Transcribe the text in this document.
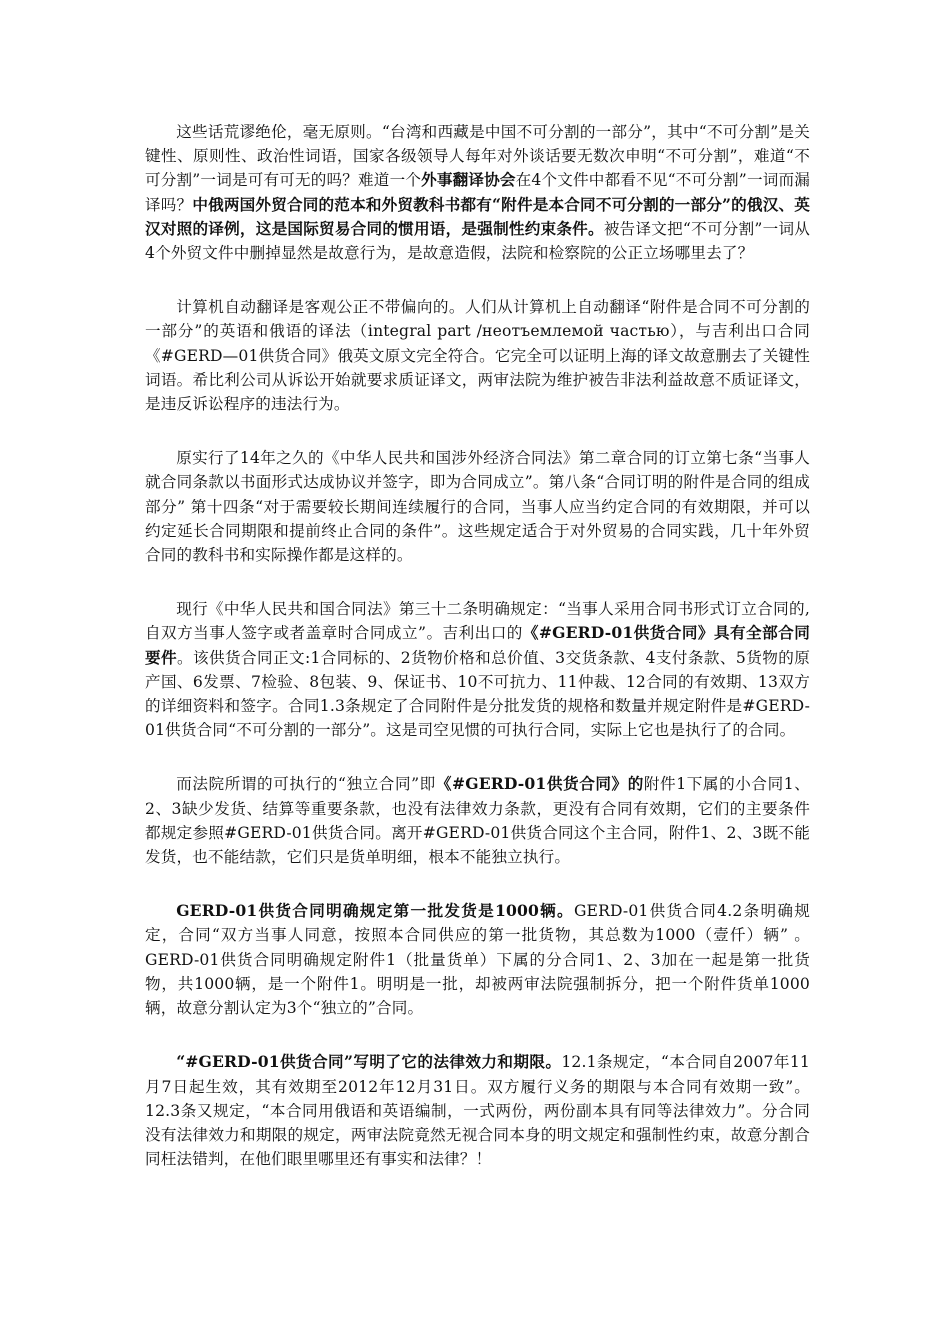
这些话荒谬绝伦，毫无原则。“台湾和西藏是中国不可分割的一部分”，其中“不可分割”是关键性、原则性、政治性词语，国家各级领导人每年对外谈话要无数次申明“不可分割”，难道“不可分割”一词是可有可无的吗？难道一个外事翻译协会在4个文件中都看不见“不可分割”一词而漏译吗？中俄两国外贸合同的范本和外贸教科书都有“附件是本合同不可分割的一部分”的俄汉、英汉对照的译例，这是国际贸易合同的惯用语，是强制性约束条件。被告译文把“不可分割”一词从4个外贸文件中删掉显然是故意行为，是故意造假，法院和检察院的公正立场哪里去了？

计算机自动翻译是客观公正不带偏向的。人们从计算机上自动翻译“附件是合同不可分割的一部分”的英语和俄语的译法（integral part /неотъемлемой частью），与吉利出口合同《#GERD—01供货合同》俄英文原文完全符合。它完全可以证明上海的译文故意删去了关键性词语。希比利公司从诉讼开始就要求质证译文，两审法院为维护被告非法利益故意不质证译文，是违反诉讼程序的违法行为。

原实行了14年之久的《中华人民共和国涉外经济合同法》第二章合同的订立第七条“当事人就合同条款以书面形式达成协议并签字，即为合同成立”。第八条“合同订明的附件是合同的组成部分” 第十四条“对于需要较长期间连续履行的合同，当事人应当约定合同的有效期限，并可以约定延长合同期限和提前终止合同的条件”。这些规定适合于对外贸易的合同实践，几十年外贸合同的教科书和实际操作都是这样的。

现行《中华人民共和国合同法》第三十二条明确规定：“当事人采用合同书形式订立合同的,自双方当事人签字或者盖章时合同成立”。吉利出口的《#GERD-01供货合同》具有全部合同要件。该供货合同正文:1合同标的、2货物价格和总价值、3交货条款、4支付条款、5货物的原产国、6发票、7检验、8包装、9、保证书、10不可抗力、11仲裁、12合同的有效期、13双方的详细资料和签字。合同1.3条规定了合同附件是分批发货的规格和数量并规定附件是#GERD-01供货合同“不可分割的一部分”。这是司空见惯的可执行合同，实际上它也是执行了的合同。

而法院所谓的可执行的“独立合同”即《#GERD-01供货合同》的附件1下属的小合同1、2、3缺少发货、结算等重要条款，也没有法律效力条款，更没有合同有效期，它们的主要条件都规定参照#GERD-01供货合同。离开#GERD-01供货合同这个主合同，附件1、2、3既不能发货，也不能结款，它们只是货单明细，根本不能独立执行。

GERD-01供货合同明确规定第一批发货是1000辆。GERD-01供货合同4.2条明确规定，合同“双方当事人同意，按照本合同供应的第一批货物，其总数为1000（壹仟）辆” 。GERD-01供货合同明确规定附件1（批量货单）下属的分合同1、2、3加在一起是第一批货物，共1000辆，是一个附件1。明明是一批，却被两审法院强制拆分，把一个附件货单1000辆，故意分割认定为3个“独立的”合同。

“#GERD-01供货合同”写明了它的法律效力和期限。12.1条规定，“本合同自2007年11月7日起生效，其有效期至2012年12月31日。双方履行义务的期限与本合同有效期一致”。12.3条又规定，“本合同用俄语和英语编制，一式两份，两份副本具有同等法律效力”。分合同没有法律效力和期限的规定，两审法院竟然无视合同本身的明文规定和强制性约束，故意分割合同枉法错判，在他们眼里哪里还有事实和法律？！
